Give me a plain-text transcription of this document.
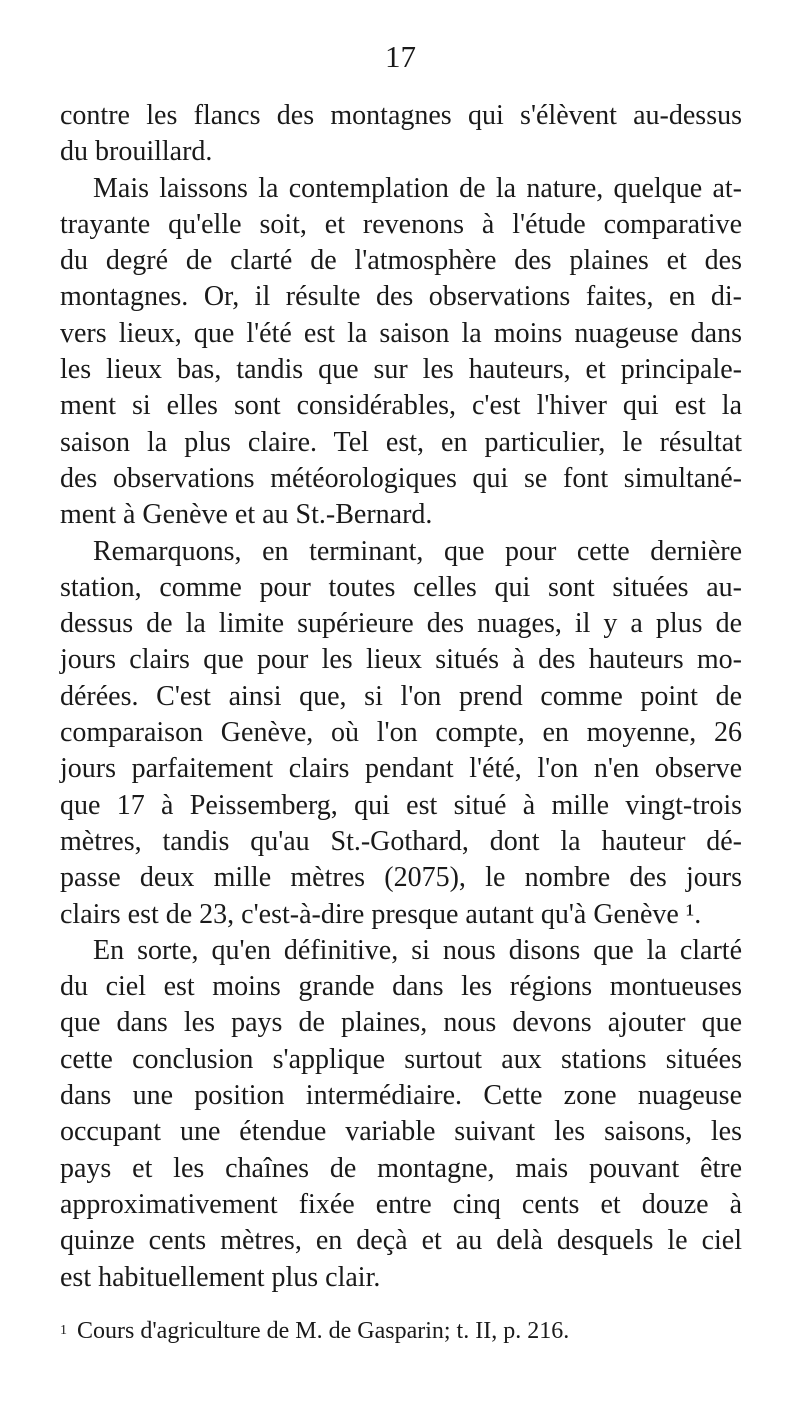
17
contre les flancs des montagnes qui s'élèvent au-dessus
du brouillard.
Mais laissons la contemplation de la nature, quelque at-
trayante qu'elle soit, et revenons à l'étude comparative
du degré de clarté de l'atmosphère des plaines et des
montagnes. Or, il résulte des observations faites, en di-
vers lieux, que l'été est la saison la moins nuageuse dans
les lieux bas, tandis que sur les hauteurs, et principale-
ment si elles sont considérables, c'est l'hiver qui est la
saison la plus claire. Tel est, en particulier, le résultat
des observations météorologiques qui se font simultané-
ment à Genève et au St.-Bernard.
Remarquons, en terminant, que pour cette dernière
station, comme pour toutes celles qui sont situées au-
dessus de la limite supérieure des nuages, il y a plus de
jours clairs que pour les lieux situés à des hauteurs mo-
dérées. C'est ainsi que, si l'on prend comme point de
comparaison Genève, où l'on compte, en moyenne, 26
jours parfaitement clairs pendant l'été, l'on n'en observe
que 17 à Peissemberg, qui est situé à mille vingt-trois
mètres, tandis qu'au St.-Gothard, dont la hauteur dé-
passe deux mille mètres (2075), le nombre des jours
clairs est de 23, c'est-à-dire presque autant qu'à Genève ¹.
En sorte, qu'en définitive, si nous disons que la clarté
du ciel est moins grande dans les régions montueuses
que dans les pays de plaines, nous devons ajouter que
cette conclusion s'applique surtout aux stations situées
dans une position intermédiaire. Cette zone nuageuse
occupant une étendue variable suivant les saisons, les
pays et les chaînes de montagne, mais pouvant être
approximativement fixée entre cinq cents et douze à
quinze cents mètres, en deçà et au delà desquels le ciel
est habituellement plus clair.
$^1$ Cours d'agriculture de M. de Gasparin; t. II, p. 216.
